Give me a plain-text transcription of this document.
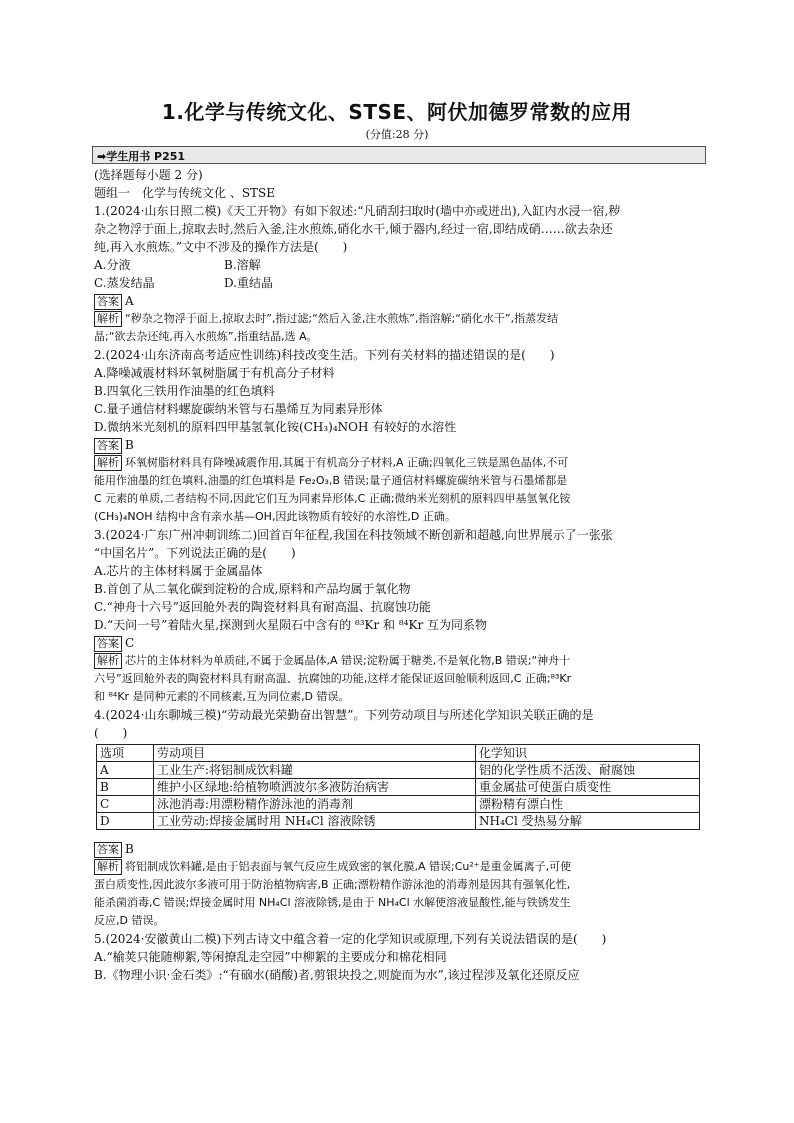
1.化学与传统文化、STSE、阿伏加德罗常数的应用
(分值:28 分)
➡学生用书 P251
(选择题每小题 2 分)
题组一　化学与传统文化 、STSE
1.(2024·山东日照二模)《天工开物》有如下叙述:“凡硝刮扫取时(墙中亦或迸出),入缸内水浸一宿,秽
杂之物浮于面上,掠取去时,然后入釜,注水煎炼,硝化水干,倾于器内,经过一宿,即结成硝……欲去杂还
纯,再入水煎炼。”文中不涉及的操作方法是(　　)
A.分液	B.溶解
C.蒸发结晶	D.重结晶
答案 A
解析 “秽杂之物浮于面上,掠取去时”,指过滤;“然后入釜,注水煎炼”,指溶解;“硝化水干”,指蒸发结
晶;“欲去杂还纯,再入水煎炼”,指重结晶,选 A。
2.(2024·山东济南高考适应性训练)科技改变生活。下列有关材料的描述错误的是(　　)
A.降噪减震材料环氧树脂属于有机高分子材料
B.四氧化三铁用作油墨的红色填料
C.量子通信材料螺旋碳纳米管与石墨烯互为同素异形体
D.微纳米光刻机的原料四甲基氢氧化铵(CH₃)₄NOH 有较好的水溶性
答案 B
解析 环氧树脂材料具有降噪减震作用,其属于有机高分子材料,A 正确;四氧化三铁是黑色晶体,不可
能用作油墨的红色填料,油墨的红色填料是 Fe₂O₃,B 错误;量子通信材料螺旋碳纳米管与石墨烯都是
C 元素的单质,二者结构不同,因此它们互为同素异形体,C 正确;微纳米光刻机的原料四甲基氢氧化铵
(CH₃)₄NOH 结构中含有亲水基—OH,因此该物质有较好的水溶性,D 正确。
3.(2024·广东广州冲刺训练二)回首百年征程,我国在科技领域不断创新和超越,向世界展示了一张张
“中国名片”。下列说法正确的是(　　)
A.芯片的主体材料属于金属晶体
B.首创了从二氧化碳到淀粉的合成,原料和产品均属于氧化物
C.“神舟十六号”返回舱外表的陶瓷材料具有耐高温、抗腐蚀功能
D.“天问一号”着陆火星,探测到火星陨石中含有的 ⁸³Kr 和 ⁸⁴Kr 互为同系物
答案 C
解析 芯片的主体材料为单质硅,不属于金属晶体,A 错误;淀粉属于糖类,不是氧化物,B 错误;“神舟十
六号”返回舱外表的陶瓷材料具有耐高温、抗腐蚀的功能,这样才能保证返回舱顺利返回,C 正确;⁸³Kr
和 ⁸⁴Kr 是同种元素的不同核素,互为同位素,D 错误。
4.(2024·山东聊城三模)“劳动最光荣勤奋出智慧”。下列劳动项目与所述化学知识关联正确的是
(　　)
选项	劳动项目	化学知识
A	工业生产:将铝制成饮料罐	铝的化学性质不活泼、耐腐蚀
B	维护小区绿地:给植物喷洒波尔多液防治病害	重金属盐可使蛋白质变性
C	泳池消毒:用漂粉精作游泳池的消毒剂	漂粉精有漂白性
D	工业劳动:焊接金属时用 NH₄Cl 溶液除锈	NH₄Cl 受热易分解
答案 B
解析 将铝制成饮料罐,是由于铝表面与氧气反应生成致密的氧化膜,A 错误;Cu²⁺是重金属离子,可使
蛋白质变性,因此波尔多液可用于防治植物病害,B 正确;漂粉精作游泳池的消毒剂是因其有强氧化性,
能杀菌消毒,C 错误;焊接金属时用 NH₄Cl 溶液除锈,是由于 NH₄Cl 水解使溶液显酸性,能与铁锈发生
反应,D 错误。
5.(2024·安徽黄山二模)下列古诗文中蕴含着一定的化学知识或原理,下列有关说法错误的是(　　)
A.“榆荚只能随柳絮,等闲撩乱走空园”中柳絮的主要成分和棉花相同
B.《物理小识·金石类》:“有硇水(硝酸)者,剪银块投之,则旋而为水”,该过程涉及氧化还原反应
